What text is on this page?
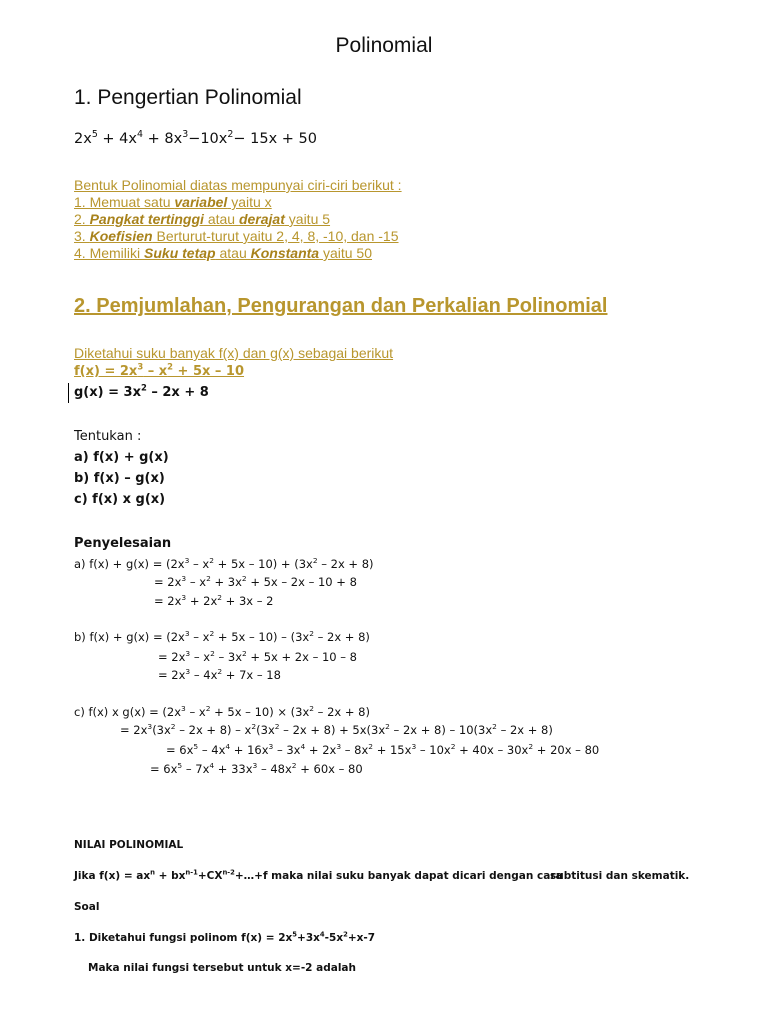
Polinomial
1. Pengertian Polinomial
$2x^5 + 4x^4 + 8x^3-10x^2- 15x + 50$
Bentuk Polinomial diatas mempunyai ciri-ciri berikut :
1. Memuat satu variabel yaitu x
2. Pangkat tertinggi atau derajat yaitu 5
3. Koefisien Berturut-turut yaitu 2, 4, 8, -10, dan -15
4. Memiliki Suku tetap atau Konstanta yaitu 50
2. Pemjumlahan, Pengurangan dan Perkalian Polinomial
Diketahui suku banyak f(x) dan g(x) sebagai berikut
$f(x) = 2x^3 - x^2 + 5x - 10$
$g(x) = 3x^2 - 2x + 8$
Tentukan :
a) f(x) + g(x)
b) f(x) – g(x)
c) f(x) x g(x)
Penyelesaian
a) $f(x) + g(x) = (2x^3 - x^2 + 5x - 10) + (3x^2 - 2x + 8)$
= $2x^3 - x^2 + 3x^2 + 5x - 2x - 10 + 8$
= $2x^3 + 2x^2 + 3x - 2$
b) $f(x) + g(x) = (2x^3 - x^2 + 5x - 10) - (3x^2 - 2x + 8)$
= $2x^3 - x^2 - 3x^2 + 5x + 2x - 10 - 8$
= $2x^3 - 4x^2 + 7x - 18$
c) f(x) x $g(x) = (2x^3 - x^2 + 5x - 10) \times (3x^2 - 2x + 8)$
= $2x^3(3x^2 - 2x + 8) - x^2(3x^2 - 2x + 8) + 5x(3x^2 - 2x + 8) - 10(3x^2 - 2x + 8)$
= $6x^5 - 4x^4 + 16x^3 - 3x^4 + 2x^3 - 8x^2 + 15x^3 - 10x^2 + 40x - 30x^2 + 20x - 80$
= $6x^5 - 7x^4 + 33x^3 - 48x^2 + 60x - 80$
NILAI POLINOMIAL
Jika $f(x) = ax^n$ + $bx^{n-1}+CX^{n-2}+\dots+f$ maka nilai suku banyak dapat dicari dengan cara
subtitusi dan skematik.
Soal
1. Diketahui fungsi polinom $f(x) = 2x^5+3x^4-5x^2+x-7$
Maka nilai fungsi tersebut untuk x=-2 adalah
